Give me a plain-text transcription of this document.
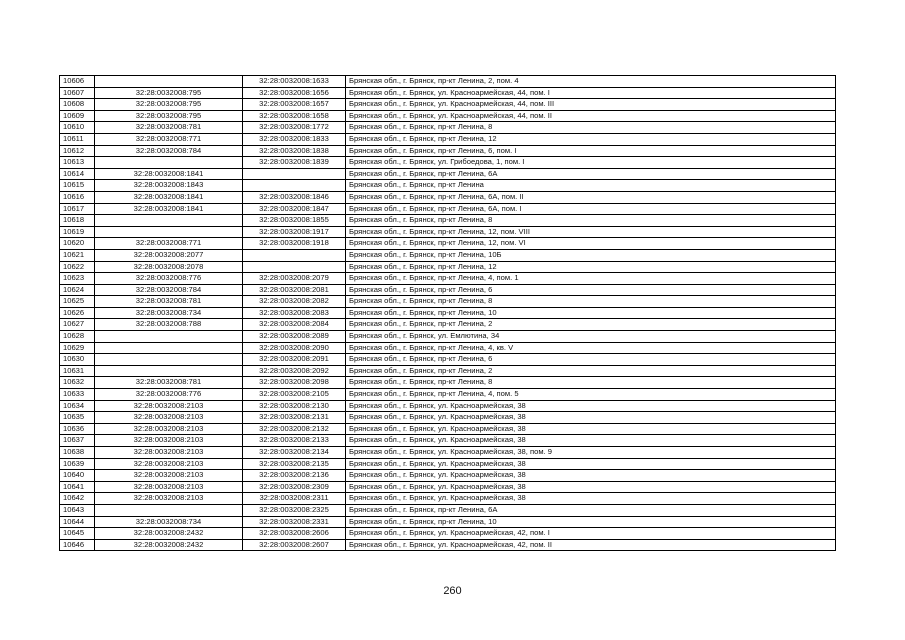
10606		32:28:0032008:1633	Брянская обл., г. Брянск, пр-кт Ленина, 2, пом. 4
10607	32:28:0032008:795	32:28:0032008:1656	Брянская обл., г. Брянск, ул. Красноармейская, 44, пом. I
10608	32:28:0032008:795	32:28:0032008:1657	Брянская обл., г. Брянск, ул. Красноармейская, 44, пом. III
10609	32:28:0032008:795	32:28:0032008:1658	Брянская обл., г. Брянск, ул. Красноармейская, 44, пом. II
10610	32:28:0032008:781	32:28:0032008:1772	Брянская обл., г. Брянск, пр-кт Ленина, 8
10611	32:28:0032008:771	32:28:0032008:1833	Брянская обл., г. Брянск, пр-кт Ленина, 12
10612	32:28:0032008:784	32:28:0032008:1838	Брянская обл., г. Брянск, пр-кт Ленина, 6, пом. I
10613		32:28:0032008:1839	Брянская обл., г. Брянск, ул. Грибоедова, 1, пом. I
10614	32:28:0032008:1841		Брянская обл., г. Брянск, пр-кт Ленина, 6А
10615	32:28:0032008:1843		Брянская обл., г. Брянск, пр-кт Ленина
10616	32:28:0032008:1841	32:28:0032008:1846	Брянская обл., г. Брянск, пр-кт Ленина, 6А, пом. II
10617	32:28:0032008:1841	32:28:0032008:1847	Брянская обл., г. Брянск, пр-кт Ленина, 6А, пом. I
10618		32:28:0032008:1855	Брянская обл., г. Брянск, пр-кт Ленина, 8
10619		32:28:0032008:1917	Брянская обл., г. Брянск, пр-кт Ленина, 12, пом. VIII
10620	32:28:0032008:771	32:28:0032008:1918	Брянская обл., г. Брянск, пр-кт Ленина, 12, пом. VI
10621	32:28:0032008:2077		Брянская обл., г. Брянск, пр-кт Ленина, 10Б
10622	32:28:0032008:2078		Брянская обл., г. Брянск, пр-кт Ленина, 12
10623	32:28:0032008:776	32:28:0032008:2079	Брянская обл., г. Брянск, пр-кт Ленина, 4, пом. 1
10624	32:28:0032008:784	32:28:0032008:2081	Брянская обл., г. Брянск, пр-кт Ленина, 6
10625	32:28:0032008:781	32:28:0032008:2082	Брянская обл., г. Брянск, пр-кт Ленина, 8
10626	32:28:0032008:734	32:28:0032008:2083	Брянская обл., г. Брянск, пр-кт Ленина, 10
10627	32:28:0032008:788	32:28:0032008:2084	Брянская обл., г. Брянск, пр-кт Ленина, 2
10628		32:28:0032008:2089	Брянская обл., г. Брянск, ул. Емлютина, 34
10629		32:28:0032008:2090	Брянская обл., г. Брянск, пр-кт Ленина, 4, кв. V
10630		32:28:0032008:2091	Брянская обл., г. Брянск, пр-кт Ленина, 6
10631		32:28:0032008:2092	Брянская обл., г. Брянск, пр-кт Ленина, 2
10632	32:28:0032008:781	32:28:0032008:2098	Брянская обл., г. Брянск, пр-кт Ленина, 8
10633	32:28:0032008:776	32:28:0032008:2105	Брянская обл., г. Брянск, пр-кт Ленина, 4, пом. 5
10634	32:28:0032008:2103	32:28:0032008:2130	Брянская обл., г. Брянск, ул. Красноармейская, 38
10635	32:28:0032008:2103	32:28:0032008:2131	Брянская обл., г. Брянск, ул. Красноармейская, 38
10636	32:28:0032008:2103	32:28:0032008:2132	Брянская обл., г. Брянск, ул. Красноармейская, 38
10637	32:28:0032008:2103	32:28:0032008:2133	Брянская обл., г. Брянск, ул. Красноармейская, 38
10638	32:28:0032008:2103	32:28:0032008:2134	Брянская обл., г. Брянск, ул. Красноармейская, 38, пом. 9
10639	32:28:0032008:2103	32:28:0032008:2135	Брянская обл., г. Брянск, ул. Красноармейская, 38
10640	32:28:0032008:2103	32:28:0032008:2136	Брянская обл., г. Брянск, ул. Красноармейская, 38
10641	32:28:0032008:2103	32:28:0032008:2309	Брянская обл., г. Брянск, ул. Красноармейская, 38
10642	32:28:0032008:2103	32:28:0032008:2311	Брянская обл., г. Брянск, ул. Красноармейская, 38
10643		32:28:0032008:2325	Брянская обл., г. Брянск, пр-кт Ленина, 6А
10644	32:28:0032008:734	32:28:0032008:2331	Брянская обл., г. Брянск, пр-кт Ленина, 10
10645	32:28:0032008:2432	32:28:0032008:2606	Брянская обл., г. Брянск, ул. Красноармейская, 42, пом. I
10646	32:28:0032008:2432	32:28:0032008:2607	Брянская обл., г. Брянск, ул. Красноармейская, 42, пом. II
260
